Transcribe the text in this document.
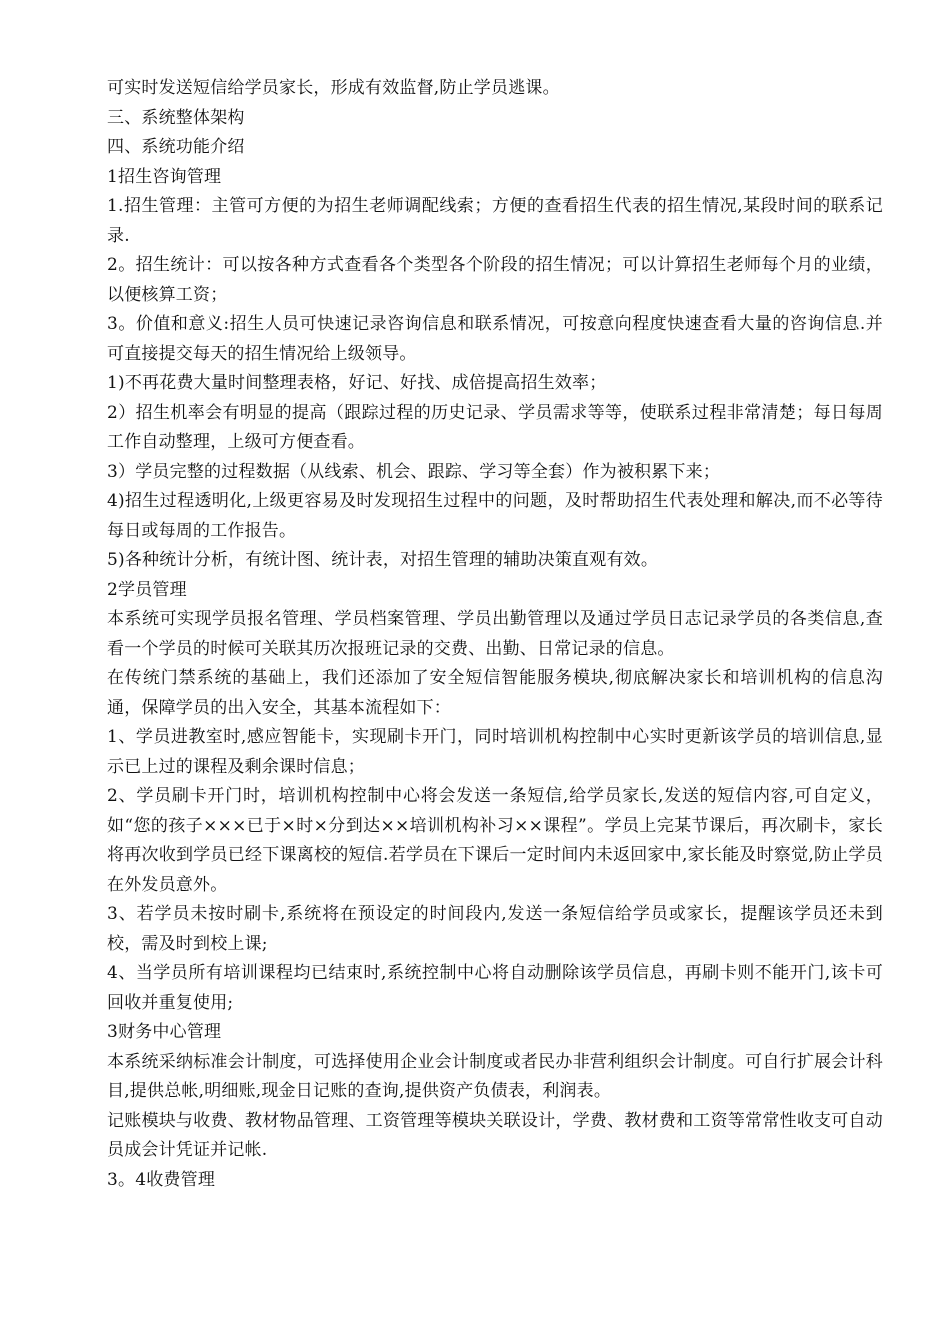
可实时发送短信给学员家长，形成有效监督,防止学员逃课。

三、系统整体架构

四、系统功能介绍

1招生咨询管理

1.招生管理：主管可方便的为招生老师调配线索；方便的查看招生代表的招生情况,某段时间的联系记录.

2。招生统计：可以按各种方式查看各个类型各个阶段的招生情况；可以计算招生老师每个月的业绩，以便核算工资；

3。价值和意义:招生人员可快速记录咨询信息和联系情况，可按意向程度快速查看大量的咨询信息.并可直接提交每天的招生情况给上级领导。

1)不再花费大量时间整理表格，好记、好找、成倍提高招生效率；

2）招生机率会有明显的提高（跟踪过程的历史记录、学员需求等等，使联系过程非常清楚；每日每周工作自动整理，上级可方便查看。

3）学员完整的过程数据（从线索、机会、跟踪、学习等全套）作为被积累下来；

4)招生过程透明化,上级更容易及时发现招生过程中的问题，及时帮助招生代表处理和解决,而不必等待每日或每周的工作报告。

5)各种统计分析，有统计图、统计表，对招生管理的辅助决策直观有效。

2学员管理

本系统可实现学员报名管理、学员档案管理、学员出勤管理以及通过学员日志记录学员的各类信息,查看一个学员的时候可关联其历次报班记录的交费、出勤、日常记录的信息。

在传统门禁系统的基础上，我们还添加了安全短信智能服务模块,彻底解决家长和培训机构的信息沟通，保障学员的出入安全，其基本流程如下：

1、学员进教室时,感应智能卡，实现刷卡开门，同时培训机构控制中心实时更新该学员的培训信息,显示已上过的课程及剩余课时信息；

2、学员刷卡开门时，培训机构控制中心将会发送一条短信,给学员家长,发送的短信内容,可自定义，如“您的孩子×××已于×时×分到达××培训机构补习××课程”。学员上完某节课后，再次刷卡，家长将再次收到学员已经下课离校的短信.若学员在下课后一定时间内未返回家中,家长能及时察觉,防止学员在外发员意外。

3、若学员未按时刷卡,系统将在预设定的时间段内,发送一条短信给学员或家长，提醒该学员还未到校，需及时到校上课;

4、当学员所有培训课程均已结束时,系统控制中心将自动删除该学员信息，再刷卡则不能开门,该卡可回收并重复使用;

3财务中心管理

本系统采纳标准会计制度，可选择使用企业会计制度或者民办非营利组织会计制度。可自行扩展会计科目,提供总帐,明细账,现金日记账的查询,提供资产负债表，利润表。

记账模块与收费、教材物品管理、工资管理等模块关联设计，学费、教材费和工资等常常性收支可自动员成会计凭证并记帐.

3。4收费管理
